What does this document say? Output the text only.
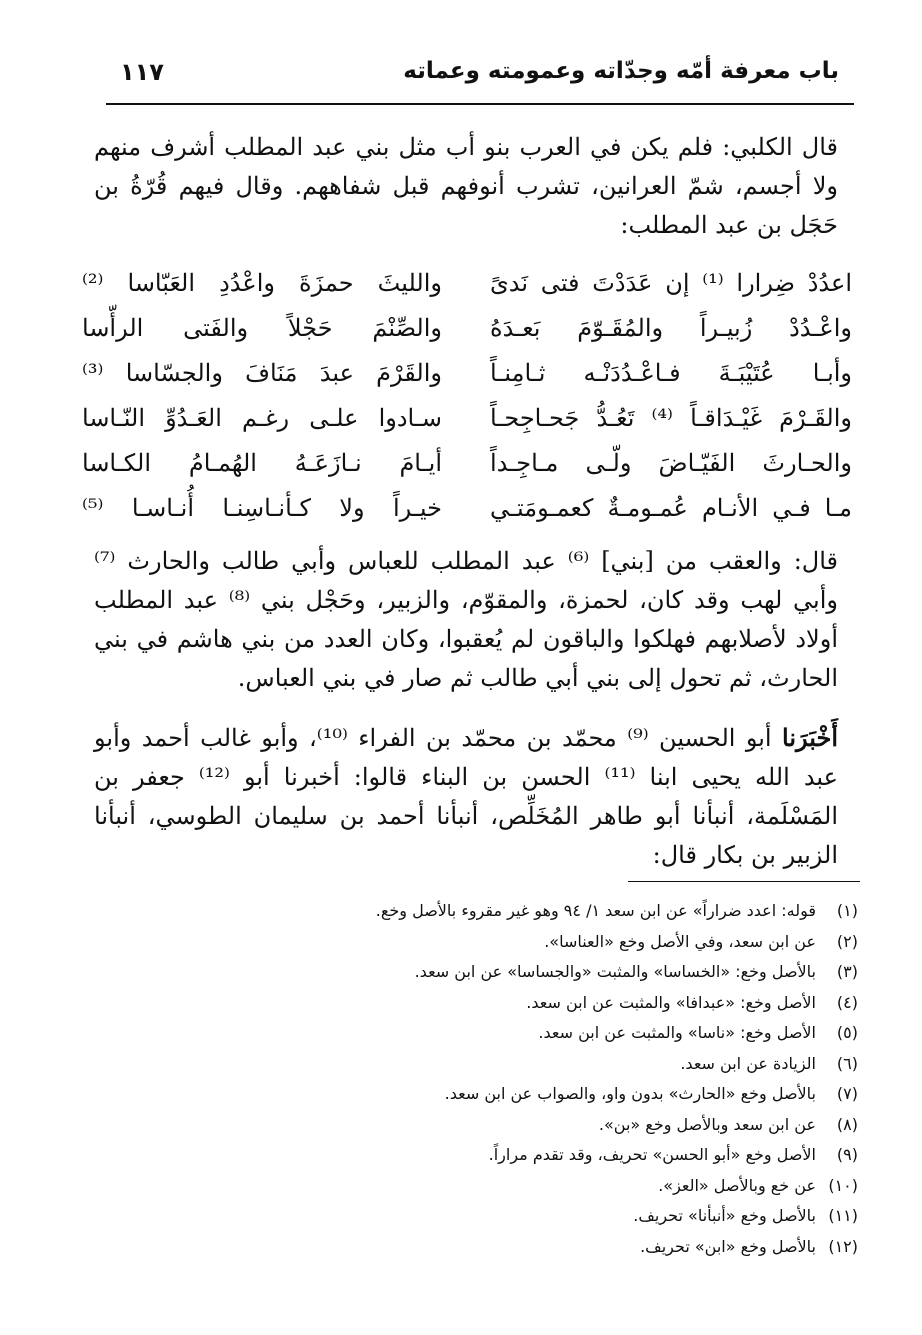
باب معرفة أمّه وجدّاته وعمومته وعماته
١١٧
قال الكلبي: فلم يكن في العرب بنو أب مثل بني عبد المطلب أشرف منهم ولا أجسم، شمّ العرانين، تشرب أنوفهم قبل شفاههم. وقال فيهم قُرّةُ بن حَجَل بن عبد المطلب:
اعدُدْ ضِرارا ⁽¹⁾ إن عَدَدْتَ فتى نَدىً
والليثَ حمزَةَ واعْدُدِ العَبّاسا ⁽²⁾
واعْـدُدْ زُبيـراً والمُقَـوّمَ بَعـدَهُ
والصِّنْمَ حَجْلاً والفَتى الرأّسا
وأبـا عُتَيْبَـةَ فـاعْـدُدَنْـه ثـامِنـاً
والقَرْمَ عبدَ مَنَافَ والجسّاسا ⁽³⁾
والقَـرْمَ غَيْـدَاقـاً ⁽⁴⁾ تَعُـدُّ جَحـاجِحـاً
سـادوا علـى رغـم العَـدُوِّ النّـاسا
والحـارثَ الفَيّـاضَ ولّـى مـاجِـداً
أيـامَ نـازَعَـهُ الهُمـامُ الكـاسا
مـا فـي الأنـام عُمـومـةٌ كعمـومَتـي
خيـراً ولا كـأنـاسِنـا أُنـاسـا ⁽⁵⁾
قال: والعقب من [بني] ⁽⁶⁾ عبد المطلب للعباس وأبي طالب والحارث ⁽⁷⁾ وأبي لهب وقد كان، لحمزة، والمقوّم، والزبير، وحَجْل بني ⁽⁸⁾ عبد المطلب أولاد لأصلابهم فهلكوا والباقون لم يُعقبوا، وكان العدد من بني هاشم في بني الحارث، ثم تحول إلى بني أبي طالب ثم صار في بني العباس.
أَخْبَرَنا أبو الحسين ⁽⁹⁾ محمّد بن محمّد بن الفراء ⁽¹⁰⁾، وأبو غالب أحمد وأبو عبد الله يحيى ابنا ⁽¹¹⁾ الحسن بن البناء قالوا: أخبرنا أبو ⁽¹²⁾ جعفر بن المَسْلَمة، أنبأنا أبو طاهر المُخَلِّص، أنبأنا أحمد بن سليمان الطوسي، أنبأنا الزبير بن بكار قال:
(١)
قوله: اعدد ضراراً» عن ابن سعد ١/ ٩٤ وهو غير مقروء بالأصل وخع.
(٢)
عن ابن سعد، وفي الأصل وخع «العناسا».
(٣)
بالأصل وخع: «الخساسا» والمثبت «والجساسا» عن ابن سعد.
(٤)
الأصل وخع: «عبدافا» والمثبت عن ابن سعد.
(٥)
الأصل وخع: «ناسا» والمثبت عن ابن سعد.
(٦)
الزيادة عن ابن سعد.
(٧)
بالأصل وخع «الحارث» بدون واو، والصواب عن ابن سعد.
(٨)
عن ابن سعد وبالأصل وخع «بن».
(٩)
الأصل وخع «أبو الحسن» تحريف، وقد تقدم مراراً.
(١٠)
عن خع وبالأصل «العز».
(١١)
بالأصل وخع «أنبأنا» تحريف.
(١٢)
بالأصل وخع «ابن» تحريف.
